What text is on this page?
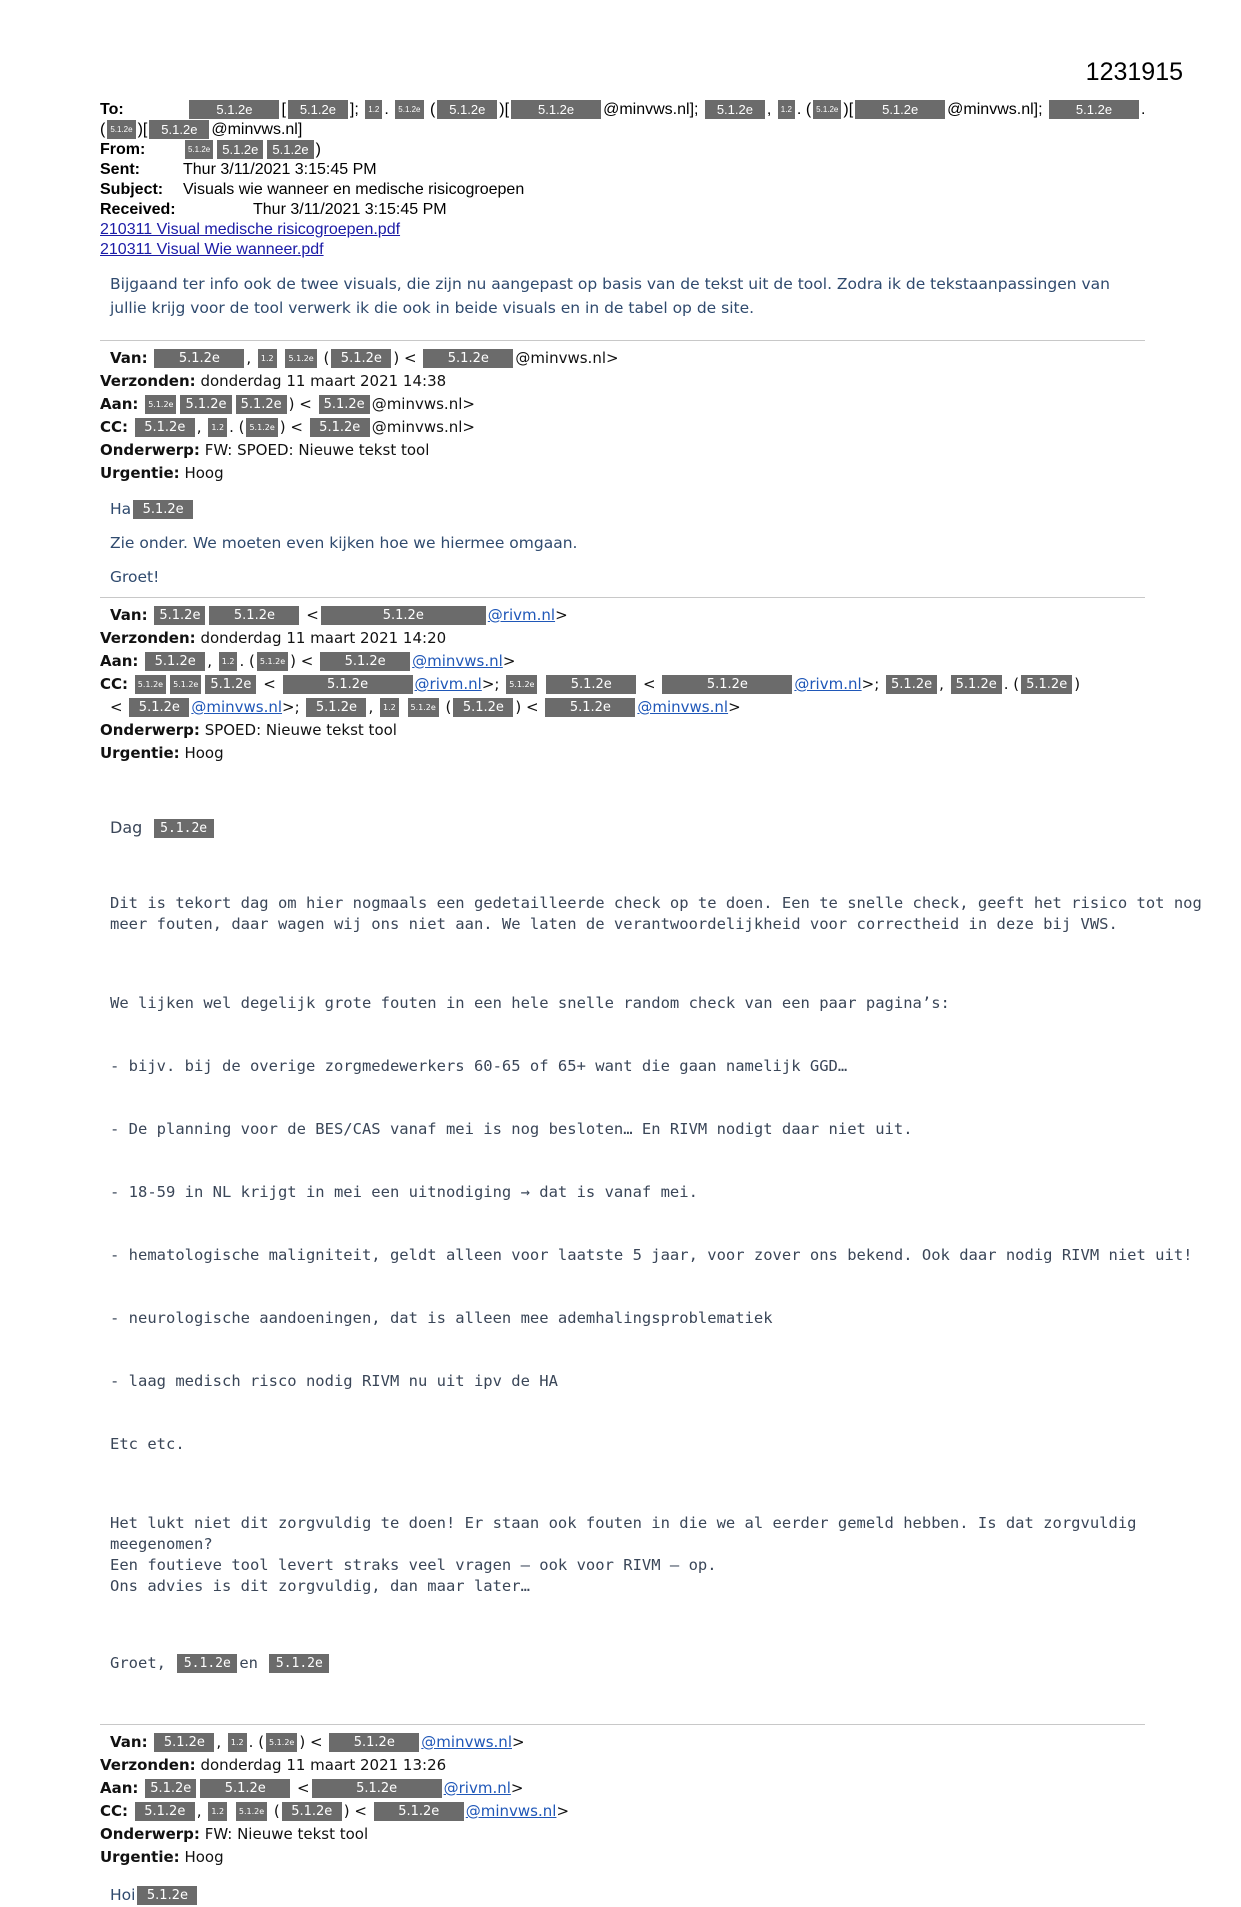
1231915
To:	5.1.2e [ 5.1.2e ]; 1.2 . 5.1.2e ( 5.1.2e )[ 5.1.2e @minvws.nl]; 5.1.2e , 1.2 . ( 5.1.2e )[ 5.1.2e @minvws.nl]; 5.1.2e .
( 5.1.2e )[ 5.1.2e @minvws.nl]
From:	5.1.2e 5.1.2e 5.1.2e )
Sent:	Thur 3/11/2021 3:15:45 PM
Subject: Visuals wie wanneer en medische risicogroepen
Received:	Thur 3/11/2021 3:15:45 PM
210311 Visual medische risicogroepen.pdf
210311 Visual Wie wanneer.pdf
Bijgaand ter info ook de twee visuals, die zijn nu aangepast op basis van de tekst uit de tool. Zodra ik de tekstaanpassingen van jullie krijg voor de tool verwerk ik die ook in beide visuals en in de tabel op de site.
Van: 5.1.2e , 1.2 5.1.2e ( 5.1.2e ) < 5.1.2e @minvws.nl>
Verzonden: donderdag 11 maart 2021 14:38
Aan: 5.1.2e 5.1.2e 5.1.2e ) < 5.1.2e @minvws.nl>
CC: 5.1.2e , 1.2 . ( 5.1.2e ) < 5.1.2e @minvws.nl>
Onderwerp: FW: SPOED: Nieuwe tekst tool
Urgentie: Hoog
Ha 5.1.2e
Zie onder. We moeten even kijken hoe we hiermee omgaan.
Groet!
Van: 5.1.2e	5.1.2e <	5.1.2e	@rivm.nl>
Verzonden: donderdag 11 maart 2021 14:20
Aan: 5.1.2e , 1.2 . ( 5.1.2e ) < 5.1.2e @minvws.nl>
CC: 5.1.2e 5.1.2e 5.1.2e <	5.1.2e	@rivm.nl>; 5.1.2e	5.1.2e <	5.1.2e	@rivm.nl>; 5.1.2e , 5.1.2e . ( 5.1.2e )
< 5.1.2e @minvws.nl>; 5.1.2e , 1.2 5.1.2e ( 5.1.2e ) < 5.1.2e @minvws.nl>
Onderwerp: SPOED: Nieuwe tekst tool
Urgentie: Hoog

Dag 5.1.2e

Dit is tekort dag om hier nogmaals een gedetailleerde check op te doen. Een te snelle check, geeft het risico tot nog
meer fouten, daar wagen wij ons niet aan. We laten de verantwoordelijkheid voor correctheid in deze bij VWS.

We lijken wel degelijk grote fouten in een hele snelle random check van een paar pagina’s:

- bijv. bij de overige zorgmedewerkers 60-65 of 65+ want die gaan namelijk GGD…

- De planning voor de BES/CAS vanaf mei is nog besloten… En RIVM nodigt daar niet uit.

- 18-59 in NL krijgt in mei een uitnodiging → dat is vanaf mei.

- hematologische maligniteit, geldt alleen voor laatste 5 jaar, voor zover ons bekend. Ook daar nodig RIVM niet uit!

- neurologische aandoeningen, dat is alleen mee ademhalingsproblematiek

- laag medisch risco nodig RIVM nu uit ipv de HA

Etc etc.

Het lukt niet dit zorgvuldig te doen! Er staan ook fouten in die we al eerder gemeld hebben. Is dat zorgvuldig
meegenomen?
Een foutieve tool levert straks veel vragen – ook voor RIVM – op.
Ons advies is dit zorgvuldig, dan maar later…

Groet, 5.1.2e en 5.1.2e

Van: 5.1.2e , 1.2 . ( 5.1.2e ) < 5.1.2e @minvws.nl>
Verzonden: donderdag 11 maart 2021 13:26
Aan: 5.1.2e	5.1.2e <	5.1.2e	@rivm.nl>
CC: 5.1.2e , 1.2 5.1.2e ( 5.1.2e ) < 5.1.2e @minvws.nl>
Onderwerp: FW: Nieuwe tekst tool
Urgentie: Hoog
Hoi 5.1.2e
